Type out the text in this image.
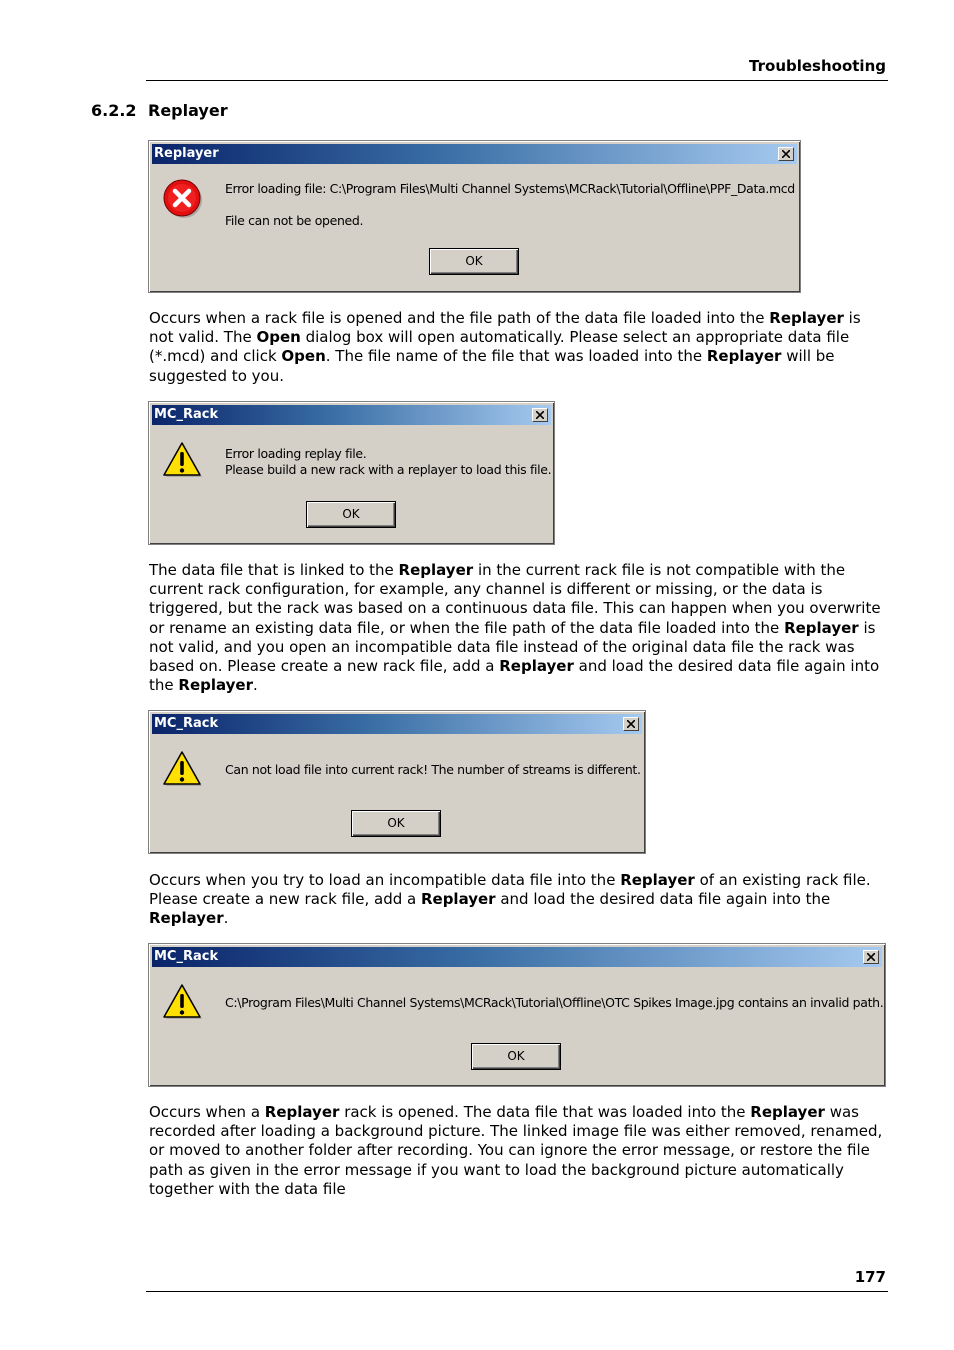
Troubleshooting
6.2.2 Replayer
Replayer
Error loading file: C:\Program Files\Multi Channel Systems\MCRack\Tutorial\Offline\PPF_Data.mcd
File can not be opened.
OK
Occurs when a rack file is opened and the file path of the data file loaded into the Replayer is not valid. The Open dialog box will open automatically. Please select an appropriate data file (*.mcd) and click Open. The file name of the file that was loaded into the Replayer will be suggested to you.
MC_Rack
Error loading replay file.
Please build a new rack with a replayer to load this file.
OK
The data file that is linked to the Replayer in the current rack file is not compatible with the current rack configuration, for example, any channel is different or missing, or the data is triggered, but the rack was based on a continuous data file. This can happen when you overwrite or rename an existing data file, or when the file path of the data file loaded into the Replayer is not valid, and you open an incompatible data file instead of the original data file the rack was based on. Please create a new rack file, add a Replayer and load the desired data file again into the Replayer.
MC_Rack
Can not load file into current rack! The number of streams is different.
OK
Occurs when you try to load an incompatible data file into the Replayer of an existing rack file. Please create a new rack file, add a Replayer and load the desired data file again into the Replayer.
MC_Rack
C:\Program Files\Multi Channel Systems\MCRack\Tutorial\Offline\OTC Spikes Image.jpg contains an invalid path.
OK
Occurs when a Replayer rack is opened. The data file that was loaded into the Replayer was recorded after loading a background picture. The linked image file was either removed, renamed, or moved to another folder after recording. You can ignore the error message, or restore the file path as given in the error message if you want to load the background picture automatically together with the data file
177
